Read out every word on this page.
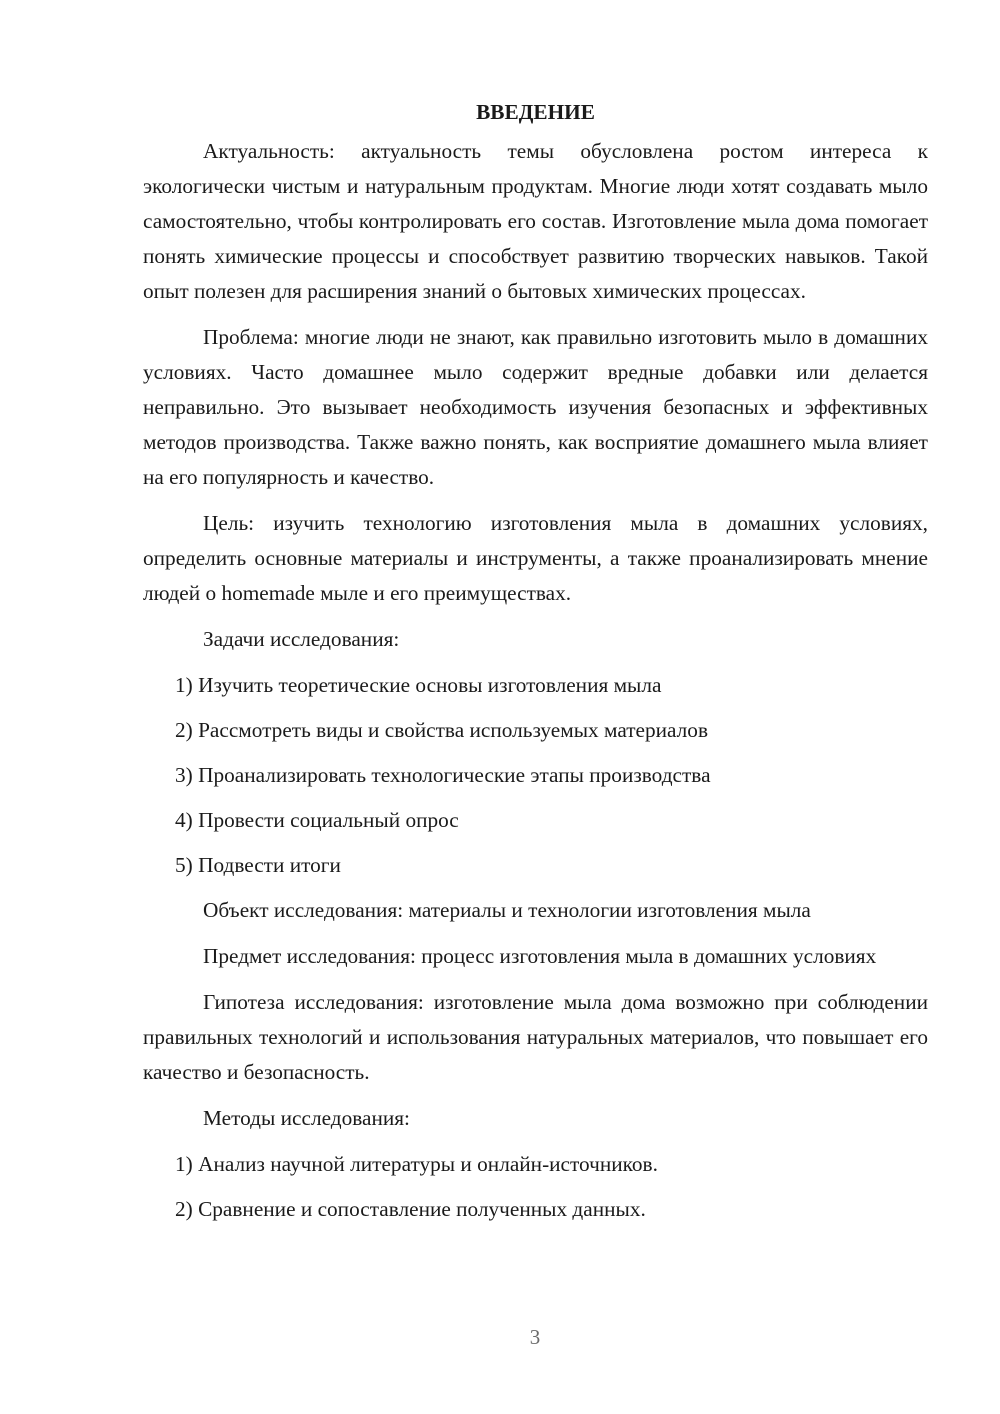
ВВЕДЕНИЕ

Актуальность: актуальность темы обусловлена ростом интереса к экологически чистым и натуральным продуктам. Многие люди хотят создавать мыло самостоятельно, чтобы контролировать его состав. Изготовление мыла дома помогает понять химические процессы и способствует развитию творческих навыков. Такой опыт полезен для расширения знаний о бытовых химических процессах.

Проблема: многие люди не знают, как правильно изготовить мыло в домашних условиях. Часто домашнее мыло содержит вредные добавки или делается неправильно. Это вызывает необходимость изучения безопасных и эффективных методов производства. Также важно понять, как восприятие домашнего мыла влияет на его популярность и качество.

Цель: изучить технологию изготовления мыла в домашних условиях, определить основные материалы и инструменты, а также проанализировать мнение людей о homemade мыле и его преимуществах.

Задачи исследования:

1) Изучить теоретические основы изготовления мыла

2) Рассмотреть виды и свойства используемых материалов

3) Проанализировать технологические этапы производства

4) Провести социальный опрос

5) Подвести итоги

Объект исследования: материалы и технологии изготовления мыла

Предмет исследования: процесс изготовления мыла в домашних условиях

Гипотеза исследования: изготовление мыла дома возможно при соблюдении правильных технологий и использования натуральных материалов, что повышает его качество и безопасность.

Методы исследования:

1) Анализ научной литературы и онлайн-источников.

2) Сравнение и сопоставление полученных данных.

3
